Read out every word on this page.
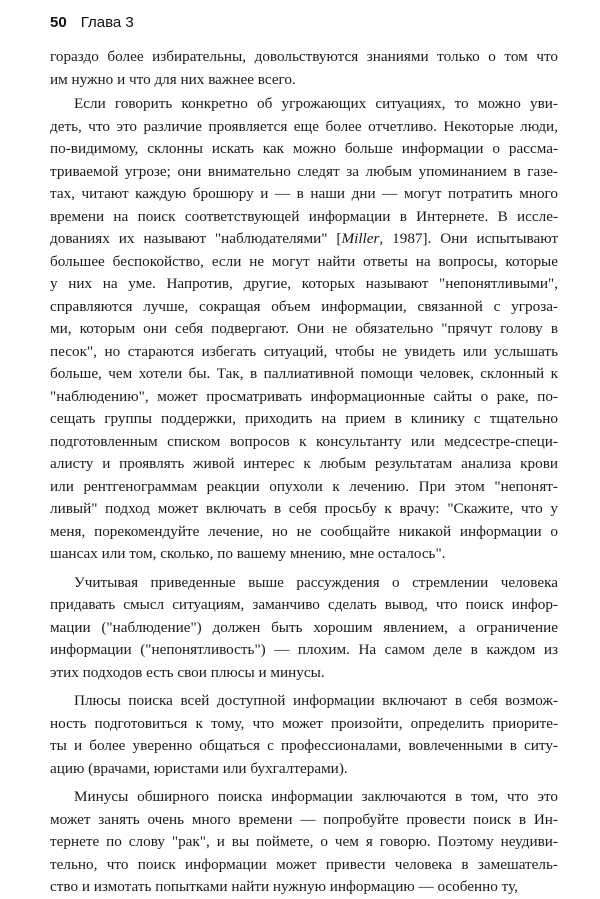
50 Глава 3

гораздо более избирательны, довольствуются знаниями только о том что
им нужно и что для них важнее всего.

Если говорить конкретно об угрожающих ситуациях, то можно уви-
деть, что это различие проявляется еще более отчетливо. Некоторые люди,
по-видимому, склонны искать как можно больше информации о рассма-
триваемой угрозе; они внимательно следят за любым упоминанием в газе-
тах, читают каждую брошюру и — в наши дни — могут потратить много
времени на поиск соответствующей информации в Интернете. В иссле-
дованиях их называют "наблюдателями" [Miller, 1987]. Они испытывают
большее беспокойство, если не могут найти ответы на вопросы, которые
у них на уме. Напротив, другие, которых называют "непонятливыми",
справляются лучше, сокращая объем информации, связанной с угроза-
ми, которым они себя подвергают. Они не обязательно "прячут голову в
песок", но стараются избегать ситуаций, чтобы не увидеть или услышать
больше, чем хотели бы. Так, в паллиативной помощи человек, склонный к
"наблюдению", может просматривать информационные сайты о раке, по-
сещать группы поддержки, приходить на прием в клинику с тщательно
подготовленным списком вопросов к консультанту или медсестре-специ-
алисту и проявлять живой интерес к любым результатам анализа крови
или рентгенограммам реакции опухоли к лечению. При этом "непонят-
ливый" подход может включать в себя просьбу к врачу: "Скажите, что у
меня, порекомендуйте лечение, но не сообщайте никакой информации о
шансах или том, сколько, по вашему мнению, мне осталось".

Учитывая приведенные выше рассуждения о стремлении человека
придавать смысл ситуациям, заманчиво сделать вывод, что поиск инфор-
мации ("наблюдение") должен быть хорошим явлением, а ограничение
информации ("непонятливость") — плохим. На самом деле в каждом из
этих подходов есть свои плюсы и минусы.

Плюсы поиска всей доступной информации включают в себя возмож-
ность подготовиться к тому, что может произойти, определить приорите-
ты и более уверенно общаться с профессионалами, вовлеченными в ситу-
ацию (врачами, юристами или бухгалтерами).

Минусы обширного поиска информации заключаются в том, что это
может занять очень много времени — попробуйте провести поиск в Ин-
тернете по слову "рак", и вы поймете, о чем я говорю. Поэтому неудиви-
тельно, что поиск информации может привести человека в замешатель-
ство и измотать попытками найти нужную информацию — особенно ту,
